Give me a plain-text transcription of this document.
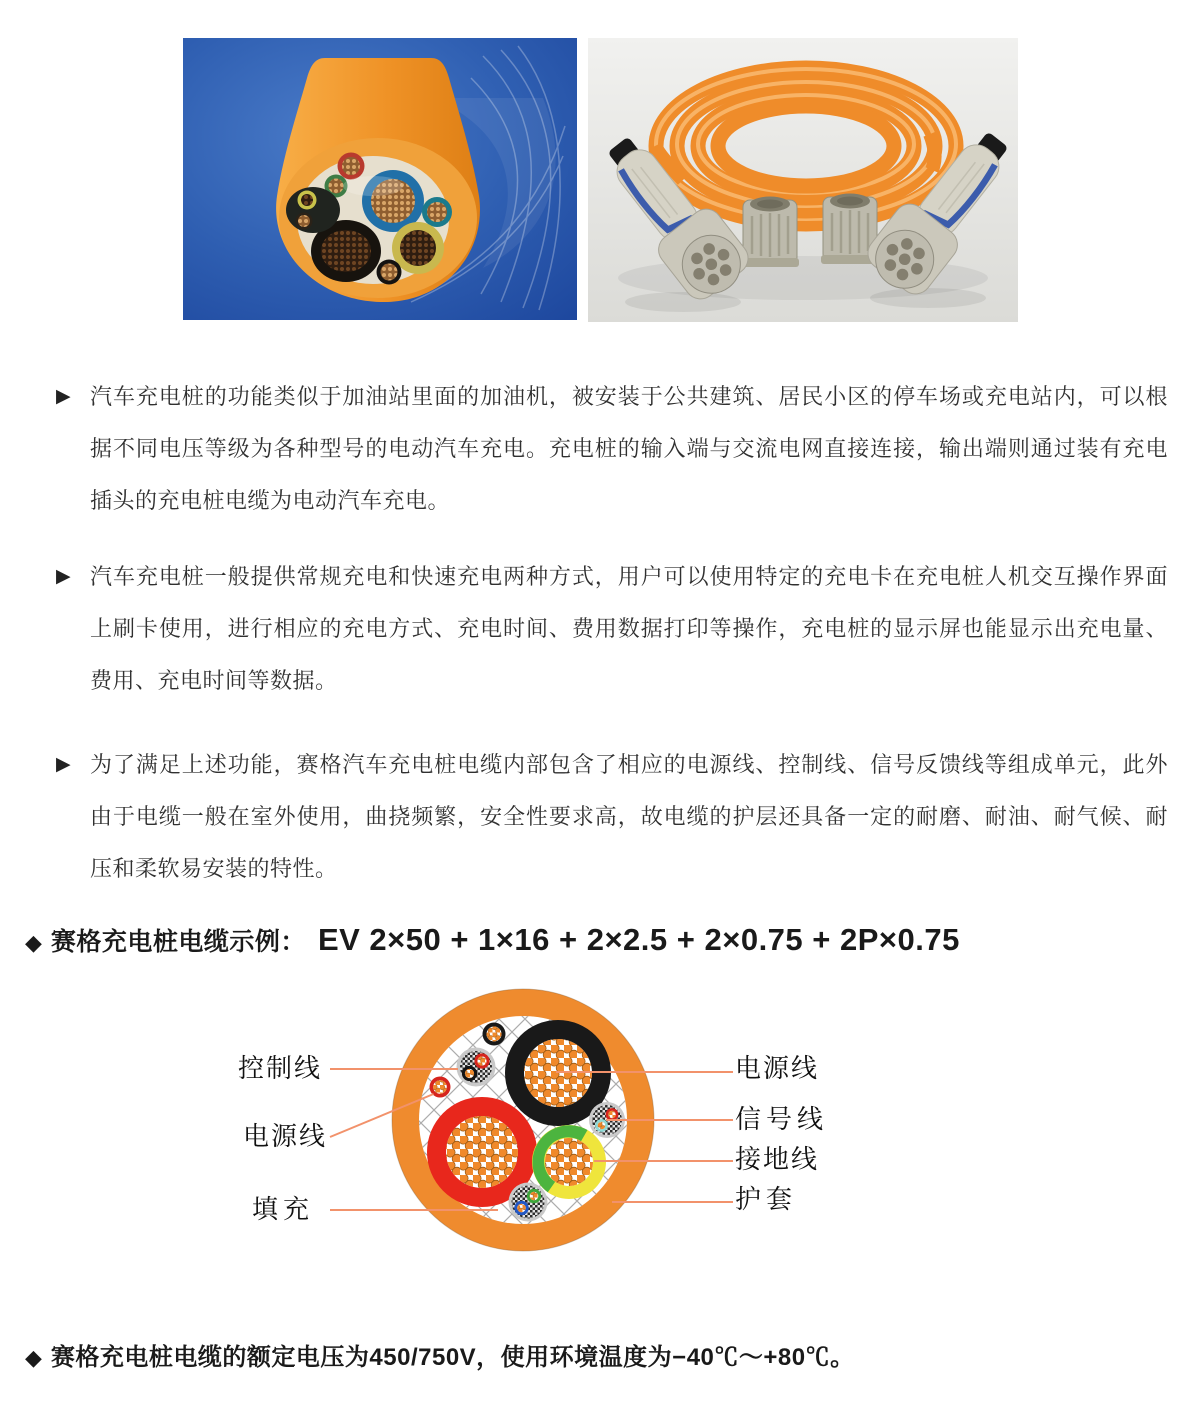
▶ 汽车充电桩的功能类似于加油站里面的加油机，被安装于公共建筑、居民小区的停车场或充电站内，可以根据不同电压等级为各种型号的电动汽车充电。充电桩的输入端与交流电网直接连接，输出端则通过装有充电插头的充电桩电缆为电动汽车充电。
▶ 汽车充电桩一般提供常规充电和快速充电两种方式，用户可以使用特定的充电卡在充电桩人机交互操作界面上刷卡使用，进行相应的充电方式、充电时间、费用数据打印等操作，充电桩的显示屏也能显示出充电量、费用、充电时间等数据。
▶ 为了满足上述功能，赛格汽车充电桩电缆内部包含了相应的电源线、控制线、信号反馈线等组成单元，此外由于电缆一般在室外使用，曲挠频繁，安全性要求高，故电缆的护层还具备一定的耐磨、耐油、耐气候、耐压和柔软易安装的特性。
◆ 赛格充电桩电缆示例： EV 2×50 + 1×16 + 2×2.5 + 2×0.75 + 2P×0.75
控制线
电源线
填充
电源线
信号线
接地线
护套
◆ 赛格充电桩电缆的额定电压为450/750V，使用环境温度为−40℃～+80℃。
